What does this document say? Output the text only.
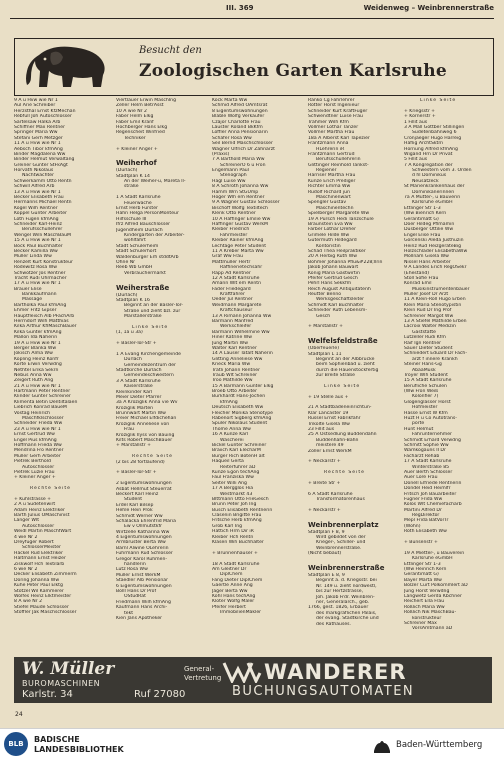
III. 369	Weidenweg – Weinbrennerstraße
Besucht den
Zoologischen Garten Karlsruhe
9 A ü Hvw wie Nr 1
Aul Arie Schreiber
Herzsthal Ernst KfzMechan
Rebfull Joh Autoschlosser
Sartelsaw Halka Arb
Schiffner Max Rentner
Springer Maria Ww
Stefani Gerh Metzger
11 A ü Hvw wie Nr 1
Aebsch Tibor kfmAng
Binder Magdalena Ww
Binder Helmut Verwaltang
Greiner Günter StFkAgt
Horvath Nikolaus
Nachtwächter
Schwerkamm Otto Rentn
Schwill Alfred Arb
13 A ü Hvw wie Nr 1
Becker Elisabeth Frau
Hermanns Michael Rentn
Kögel Wilh Rentner
Köppel Günter Arbeiter
Loth Fugen kfmAng
Schneider Karl-Heinz
Berufsschullehrer
Wengel Willi MaschBauM
15 A ü Hvw wie Nr 1
Böck Paul Buchhalter
Becker Kamilla Ww
Müller Linda Ww
Renzelt Kurt Konstrukteur
Rodewitz Rosa Ww
Schwötzer Jos Rentner
Tracht Rudi Uhrmacher
17 A ü Hvw wie Nr 1
Brauer Elise
Bankkaufmann
Massage
Bartholka Paul kfmAng
Ehmer Fritz Gipser
Hauptfleisch Alb PFachArb
Herrndorf Wilh Matthias
Kilka Arthur KflMaschBauer
Kilka Günter kfmAng
Mallon Ida Näherin
19 A ü Hvw wie Nr 1
Berger Blanka Ww
Jokisch Alma Ww
Kopling Heinz Konfr
Korte Erwin Verwdng
Nethtel Erika Sekrn
Nebus Anna Ww
Zeigert Ruth Ang
21 A ü Hvw wie Nr 1
Hartmann Peter Rentner
Klinder Günter Schreiner
Klimenta Betin Dentiltalaen
Liebrich Konrad BaueM
Vostag Heinrich
Maschfklschlosser
Schneider Frieda Ww
23 A ü Hvw wie Nr 1
Ernst Gertrud Ww
Engel Pius kfmAng
Hoffmann Frieda Ww
Mendrina Fro Rentner
Müller Gerh Arbeiter
Pietrek Berthold
Autoschlosser
Pietrek Luzie Frau
+ Kleiner Anger +
Rechte Seite
+ Kühlstrasse +
2 A ü Sudetenwirt
Adam Heinz Elektriker
Barth Julius OMaschinist
Langer Wlt
Autoschlosser
Weidl Martin MaschfWart
4 wie Nr 2
Dreyfuger Robert
SchlosserMeister
Hackel Rud Elektriker
Haltmann Ernst Heizer
Ziskwolf Hch Textilarb
6 wie Nr 2
Decker Elisabeth Zimmerm
Döring Johanna Ww
Kuhe Peter Paul Elktg
Stötzel Wil Kämmerer
Wolfes Heinz Elktmeister
8 A wie Nr 2
Stiefel Maude Schlosser
Stöffler Jak Maschschlosser
Viertlauer Erwin MaschIng
Zeller Helm BetrAsst
10 A wie Nr 2
Faber Helm Elkg
Faber Emil Kranf
Hochberger Hans Elkg
Regenscheit Winfried
Techniker
+ Kleiner Anger +
Weiherhof
(Durlach)
Stadtplan K 14
An der Weiher-u, Mareta ll-
straße
1 A Stadt Karlsruhe
Feuerwache
Ernst Herb Fürster
Hahn Helga PersonMonteur
Hilfsschule III
Ifrz Alfred Bauschlosser
Jugendheim Durlach
Kindergarten der Arbeiter-
wohlfahrt
Städt Schülerheim
Städt Schülerhort
Waldenburger Erh stddtArb
Ohne Nr
Reeb Wb GmbH
Verbrauchermarkt
Weiherstraße
(Durlach)
Stadtplan K 16
Beginnt an der Basler-Tor-
Straße und zieht bzl. zur
Marstallerstraße
Linke Seite
(1, 1a u 3a)
+ Basler-Tor-Str +
1 A Evang Kirchengemeinde
Durlach
Gemeindezentrum der
Stadtkirche Durlach
Gemeindeschwestern
3 A Stadt Karlsruhe
Kaiserstraße
Kleinkinder Karl
Meier Dieter Pfarrer
3a A Kroziglik Anna vie Wv
Kroziglik Marten
Brunnwart Martin Ww
Freier Michael Elfdichehan
Kroziglik Anneliese von
Frau
Kroziglik Ilyss von Bauing
Kilts Robert MaschBauer
+ Marstallstr +
Rechte Seite
(2 bis 28 fortlaufend)
+ Basler-Tor-Str +
2 Eigentumswohnungen
Asbat Hellmut Steuerrat
Beckert Karl Heinz
Student
Erdel Karl Bilsep
Hehle Hein Prok
Schmidt Werner Ww
Schalacka Ehrenfrid Maria
Ew v Ollmütstkfr
Wirtzelle Katharina Ww
4 Eigentumswohnungen
Armbruster Berta Ww
Barnl Alwine OLehrerin
Fuhrmann Rud Schlosser
Gregor Karol Rühmen-
händlerin
Lutz Rosa Ww
Müller Ernst WerkM
Staedler Alb Pensionär
6 Eigentumswohnungen
Bölll Hans Dr Prof
OStudRat
Friedmann Wilh kfmAng
Kaufmann Hans Archi-
tekt
Kien Jans Apotheker
Köck Marta Ww
Schmid Alfred OAmtsrat
8 Eigentumswohnungen
Bläble Wolfg Verkäufer
Czajor Charlotte Frau
Lauster Roland BkKfm
Löffler Anna Pensionärin
Schäfer Rosa Ww
Seil Bernd Maschschlosser
Wagner Ulfrich Dr Zahnarzt
(Praxis)
7 A Barthold Maria Ww
SchreinerO 6 ü Fron
Engelmann Paul
Stenograph
Hagl Luise Ww
8 A Schroth Johanna Ww
Hamm Wrn StGUmp
Höger Wlh em Rentner
9 A Wagner Gustav Schlosser
Bischoff Wolfg Textiltech
Klenk Otto Rentner
10 A Haffinger Emilie Ww
Haffinger Gustav WerkM
Kleiber Friedrich
Fahrmeister
Kleiber Rainer kfmAng
Lechtage Peter Student
11 A Kreber Marta Ww
Graf Ww Frau
Mattmüller Hertr
Raffinerietechsahr
Rapp Ad Rentner
12 A Stadt Karlsruhe
Amann Wlt em Rentn
Fader Friedegard
Kraftfahrer
Oeder Jul Rentner
Weidmann Margarete
Kraftchauseur
13 A Rimann Johanna Ww
Bärmann Manfred
Werkschleifer
Bärmann Wilhelmine Ww
Hiner Katrine Ww
Jung Martin Ww
Walter Karl Rentner
14 A Lauser Tatalt Näherin
Glitting Anneliese Ww
Krieck Maria Ww
Tratli Johann Rentner
Traub Wlt Schreiner
Troo Mathilde Ww
15 A Bärmann Günter Elkg
Broeb Otto Arbeiter
Burkhardt Hans-Jochen
kfmAng
Deutsch Elisabeth Ww
Fleicher Monika Stenotype
Rabenort Sigberg kfmAng
Spuler Nikolaus Student
Thome Anna Ww
16 A Kunze Karl
Wäscherei
Bickel Günter Schreiner
Braiich Karl ElecharM
Burger Rich BotenH alt
Haqueil Gerta
Reiterführer aD
Kunze Egon techAng
Faul Franziska Ww
Seiter Willi Ang
17 A Bergglos Hia
Westmarkt 43
Blttmann Otto FrieGesch
Brunn Peter Joh Ing
Busch Elisabeth Rentnerin
Clasenin Brigitte Frau
Fritsche Herb kfmAng
Grob Karl Ing
Hattich Hrm Dir iR
Kleiber Hch Rentn
Klasen Wih Buchhalter
+ Brunnenhauser +
18 A Stadt Karlsruhe
Am Gleitner Dr
DiplChem
Fang Dieter DiplChem
Gaertle Anne Ang
Jäger Berta Ww
Köhl Hans techAng
Kloter Wolfg Maler
Pfeifer Herbert
ImmobilienMakler
Ranko Cg Fahrlehrer
Rotter Horst Ingenieur
Schneider Kurt KraftFüger
Schwendtner Luise Frau
Trahmer Wilh Kfm
Vollmer Lothar Tänzer
Vollmer Martha Frau
18a A Alberst Karl Tapezier
Frantzmann Anna
HLehrerin iR
Frantzmann Gertrud
Berufsschullehrerin
Glittinger Reinhold Tankst-
Regiener
Harriser Martha Frau
Kunze Erich Prediger
Richter Emma Ww
Rudolf Richard jun
Maschinenwart
Spengler Gustav
Maschinentechn
Spielberger Margarete Ww
19 A Pursch Hedi Tanzschule
Braunstein Eva Ww
Färber Lothar Dreher
Grimele Hilde Ww
Gutermuth Hildegard
Kontoristin
Schad Thea Heilpraktiker
20 A Herbig Ruth Ww
Böhmer Johanna Pflu&#228;llrin
Jakob Johann Bauwart
König Maria Gastwirtin
Pfeifer Gertrud Gesch
Pehrl Hans Sekkfm
Reich August Antiquitätenh
Reutter Benno
Werksgeschäftsleiter
Schmidt Karl Buchhalter
Schneider Ruth Lebensm-
Gesch
+ Marstallstr +
Welfelsfeldstraße
(Oberfeuerle)
Stadtplan L 11
Beginnt an der Albbrücke
beim Sophienbad u. zieht
durch die Hauenstockfertig
zur Breite Straße
Linke Seite
+ 19 Stelle aus +
21 A Stadtbadeneinrichtun-
Klar Lancaster 19
Rüssel Ernst Fabrikfahr
Trikolte Gisela Ww
23 Fillit aus
25 A Ostsedlung Buddendahn
Buddenhahn-Bahn
meistere 49
Zöller Ernst WerkM
+ Neckarstr +
Rechte Seite
+ Breite Str +
6 A Stadt Karlsruhe
Transformatorenhaus
+ Neckarstr +
Weinbrennerplatz
Stadtplan F 8, 9
Wird gebildet von der
Krieger-, Schiller- und
Weinbrennerstraße.
(Nicht bebaut)
Weinbrennerstraße
Stadtplan E 8, 9
Beginnt a. d. Kriegsstr. bei
Nr. 149 u. zieht nordwestl,
bis zur Hertzstrasse,
Joh. Jakob Frdr. Weinbren-
ner, Generalarch., geb.
1766, gest. 1826, Erbauer
des markgräflichen Palais,
der evang. Stadtkirche und
des Rathauses.
Linke Seite
+ Kriegsstr +
+ Körnerstr +
1 Fillit aus
3 A Mall Gottber Stillingen
Sudetenbahnweg 6
Cronjaeger Hugo Harreig
Häflig ArchtSktrn
Hornung Alfred kfmAng
Wigand Hrn Dr Privat
5 Fillit aus
7 A Kongregation der
Schwestern vom 3. Orden
d hl Dominikus
Neusatzeck
St Marienkrankenhaus der
Dominikanerinnen
7a A Mutter-, u Bauverin
Karlsruhe eGmbH
Ettlinger Str 1-3
(Ww Bienrich Kern
Gerantimatt G)
Doer Hildeg Pflmamin
Dusberger Ottilie Ww
Engel Elise Frau
Gorcenski Aleda Justhuzin
Heinz Rud HeizgeräteBig
Holzschläder ElisabethaWw
Mollnam Gisela Ww
Nissel Hans Arbeiter
9 A Landes Erich RegOSekr
(Ehestand)
Stoll Sofie Frau
Konrad Emil
Musikinstrumentenbauer
Müller Josef Dr Arzt
11 A Klein-Röll Hugo Erben
Klein Maria Stenotypistin
Klein Rud Dr Ing Prof
Schreiner Margot Ww
13 A Stiefel Mathilde Erben
Lacroix Walter Medizin
Gaststätte
Lutzeller Rudi Kfm
Raif Ign Rentner
Sauer Dieter Student
Schniedert Eduard Dr Fach-
arzt f innere Krankh
Steiner Hans-Gg
AbaaMüsk
Troyer Wlh Student
15 A Stadt Karlsruhe
Berufliche Schulen
(Ww Fron Weiß
Kolonfier 7)
Glogenglasser Horst
Hofmeister
Hasse Ernst W Kfm
Huzt H u Co Autotrans-
porte
Hunt Helmut
Fahrunternehmer
Schmidt Erhard Verwdng
Schmitt Sophie Ww
Wamkogauns II Dr
Facharzt Rehab
17 A Stadt Karlsruhe
Winterstraße 85
Auer Berth Schlosser
Auer Lore Frau
Donell Elfriede Rentnerin
Dondel Heid Heimlfr
Fritsch Joh Bauarbeiter
Fügner Frida Ww
Kolos Wlt Chemiefacharb
Martini Alfred Dr
RegDirektor
Mepl Frida BatVorTr
(Wohn)
Roth Elisabeth Ww
+ Bunsenstr +
19 A Mietter-, u Bauverein
Karlsruhe eGmbH
Ettlinger Str 1-3
(Ww Heinrich Kern
Gerantimatt G)
Bayer Marta Ww
Bolzer Curt Polkommlert aD
Jung Horst Verwdng
Langwetz Gerda Kbchner
Reichert Ella Frau
Rößlich Maria Ww
Rößlich Nik MaschBau-
konstrukteur
Schreiner Max
VorsAmtmann aD
W. Müller
BUROMASCHINEN
Karlstr. 34	Ruf 27080
General-
Vertretung WANDERER
BUCHUNGSAUTOMATEN
24
BLB	BADISCHE
LANDESBIBLIOTHEK	Baden-Württemberg
